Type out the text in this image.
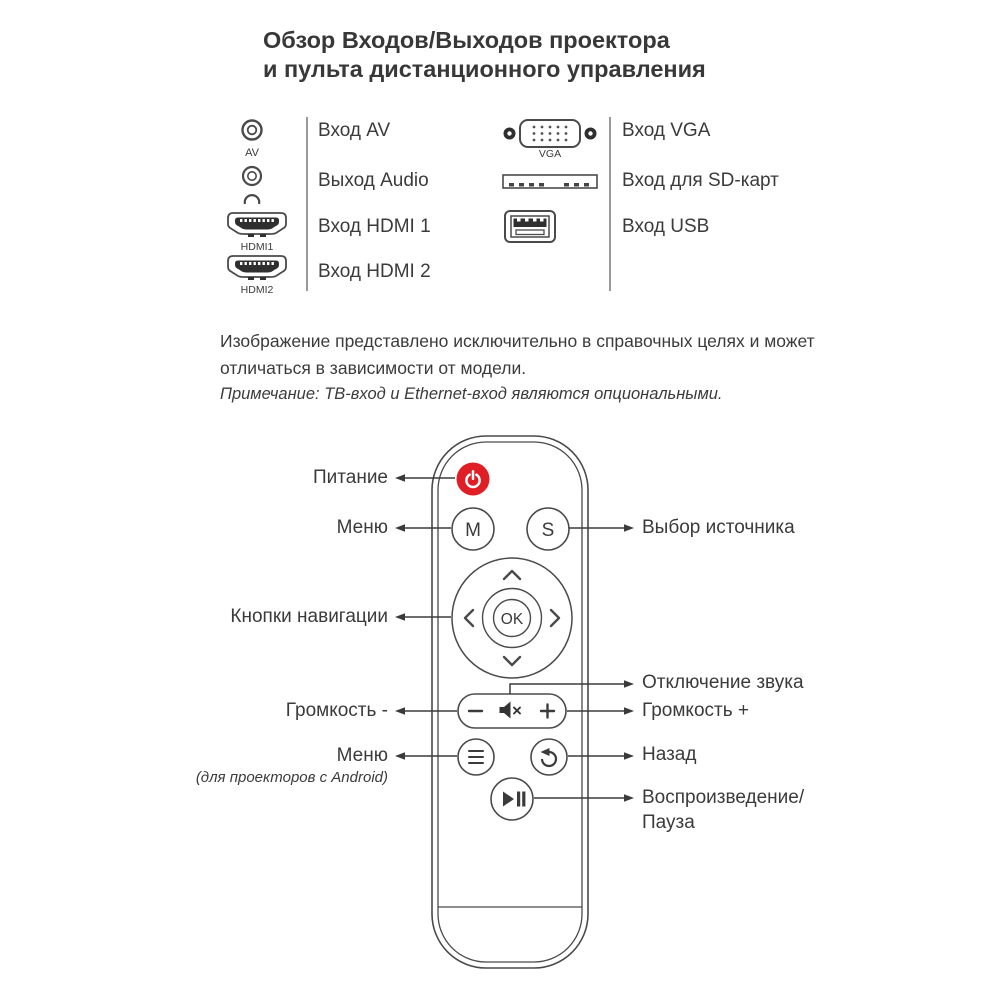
Обзор Входов/Выходов проектора
и пульта дистанционного управления
AV
HDMI1
HDMI2
Вход AV
Выход Audio
Вход HDMI 1
Вход HDMI 2
VGA
Вход VGA
Вход для SD-карт
Вход USB
Изображение представлено исключительно в справочных целях и может
отличаться в зависимости от модели.
Примечание: ТВ-вход и Ethernet-вход являются опциональными.
M	S
OK
Питание
Меню
Кнопки навигации
Громкость -
Меню
(для проекторов с Android)
Выбор источника
Отключение звука
Громкость +
Назад
Воспроизведение/
Пауза
